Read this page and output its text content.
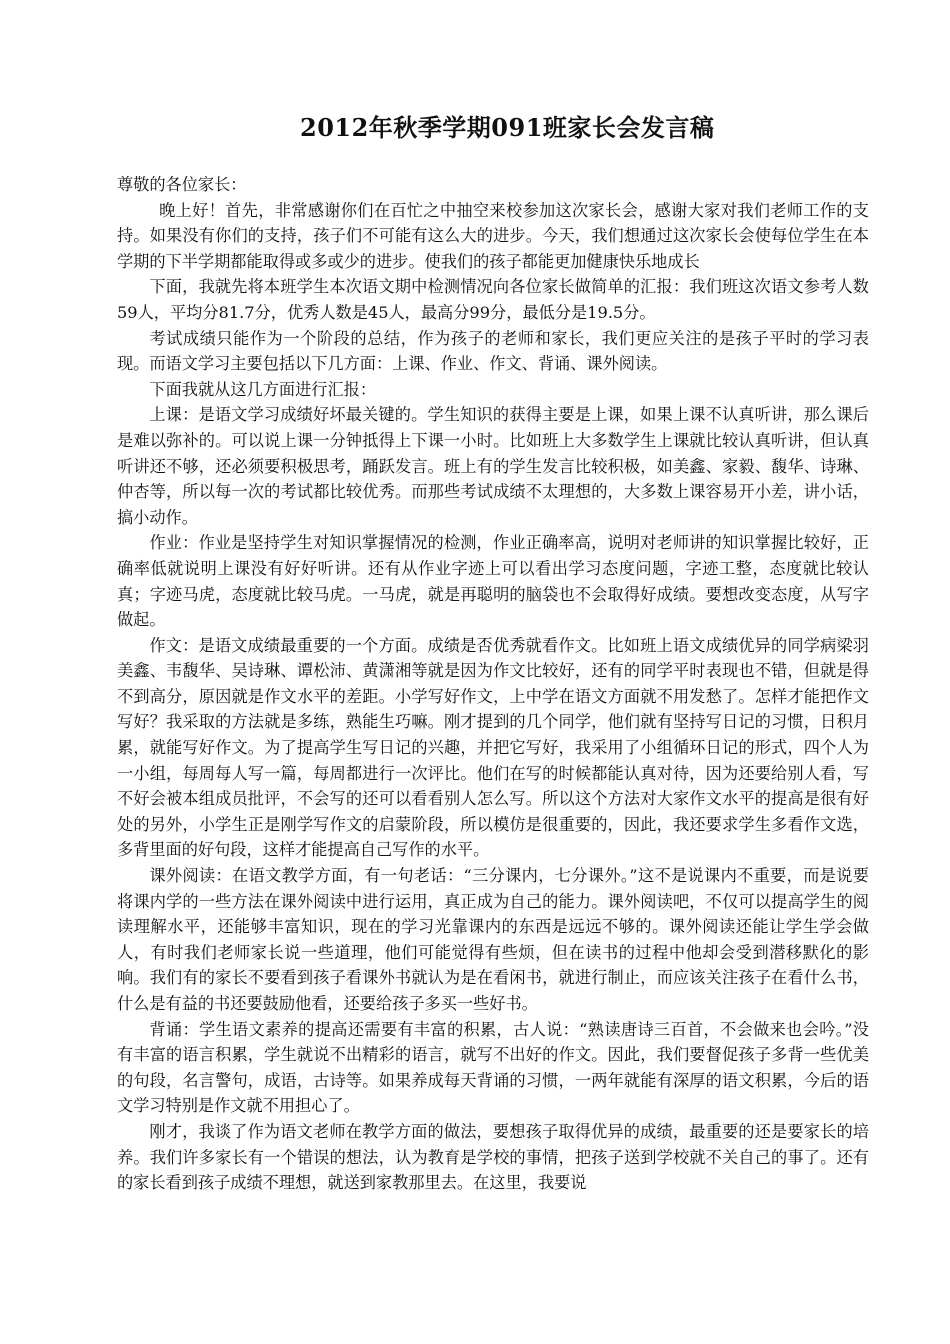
2012年秋季学期091班家长会发言稿

尊敬的各位家长：

晚上好！首先，非常感谢你们在百忙之中抽空来校参加这次家长会，感谢大家对我们老师工作的支持。如果没有你们的支持，孩子们不可能有这么大的进步。今天，我们想通过这次家长会使每位学生在本学期的下半学期都能取得或多或少的进步。使我们的孩子都能更加健康快乐地成长

下面，我就先将本班学生本次语文期中检测情况向各位家长做简单的汇报：我们班这次语文参考人数59人，平均分81.7分，优秀人数是45人，最高分99分，最低分是19.5分。

考试成绩只能作为一个阶段的总结，作为孩子的老师和家长，我们更应关注的是孩子平时的学习表现。而语文学习主要包括以下几方面：上课、作业、作文、背诵、课外阅读。

下面我就从这几方面进行汇报：

上课：是语文学习成绩好坏最关键的。学生知识的获得主要是上课，如果上课不认真听讲，那么课后是难以弥补的。可以说上课一分钟抵得上下课一小时。比如班上大多数学生上课就比较认真听讲，但认真听讲还不够，还必须要积极思考，踊跃发言。班上有的学生发言比较积极，如美鑫、家毅、馥华、诗琳、仲杏等，所以每一次的考试都比较优秀。而那些考试成绩不太理想的，大多数上课容易开小差，讲小话，搞小动作。

作业：作业是坚持学生对知识掌握情况的检测，作业正确率高，说明对老师讲的知识掌握比较好，正确率低就说明上课没有好好听讲。还有从作业字迹上可以看出学习态度问题，字迹工整，态度就比较认真；字迹马虎，态度就比较马虎。一马虎，就是再聪明的脑袋也不会取得好成绩。要想改变态度，从写字做起。

作文：是语文成绩最重要的一个方面。成绩是否优秀就看作文。比如班上语文成绩优异的同学病梁羽美鑫、韦馥华、吴诗琳、谭松沛、黄潇湘等就是因为作文比较好，还有的同学平时表现也不错，但就是得不到高分，原因就是作文水平的差距。小学写好作文，上中学在语文方面就不用发愁了。怎样才能把作文写好？我采取的方法就是多练，熟能生巧嘛。刚才提到的几个同学，他们就有坚持写日记的习惯，日积月累，就能写好作文。为了提高学生写日记的兴趣，并把它写好，我采用了小组循环日记的形式，四个人为一小组，每周每人写一篇，每周都进行一次评比。他们在写的时候都能认真对待，因为还要给别人看，写不好会被本组成员批评，不会写的还可以看看别人怎么写。所以这个方法对大家作文水平的提高是很有好处的另外，小学生正是刚学写作文的启蒙阶段，所以模仿是很重要的，因此，我还要求学生多看作文选，多背里面的好句段，这样才能提高自己写作的水平。

课外阅读：在语文教学方面，有一句老话：“三分课内，七分课外。”这不是说课内不重要，而是说要将课内学的一些方法在课外阅读中进行运用，真正成为自己的能力。课外阅读吧，不仅可以提高学生的阅读理解水平，还能够丰富知识，现在的学习光靠课内的东西是远远不够的。课外阅读还能让学生学会做人，有时我们老师家长说一些道理，他们可能觉得有些烦，但在读书的过程中他却会受到潜移默化的影响。我们有的家长不要看到孩子看课外书就认为是在看闲书，就进行制止，而应该关注孩子在看什么书，什么是有益的书还要鼓励他看，还要给孩子多买一些好书。

背诵：学生语文素养的提高还需要有丰富的积累，古人说：“熟读唐诗三百首，不会做来也会吟。”没有丰富的语言积累，学生就说不出精彩的语言，就写不出好的作文。因此，我们要督促孩子多背一些优美的句段，名言警句，成语，古诗等。如果养成每天背诵的习惯，一两年就能有深厚的语文积累，今后的语文学习特别是作文就不用担心了。

刚才，我谈了作为语文老师在教学方面的做法，要想孩子取得优异的成绩，最重要的还是要家长的培养。我们许多家长有一个错误的想法，认为教育是学校的事情，把孩子送到学校就不关自己的事了。还有的家长看到孩子成绩不理想，就送到家教那里去。在这里，我要说
